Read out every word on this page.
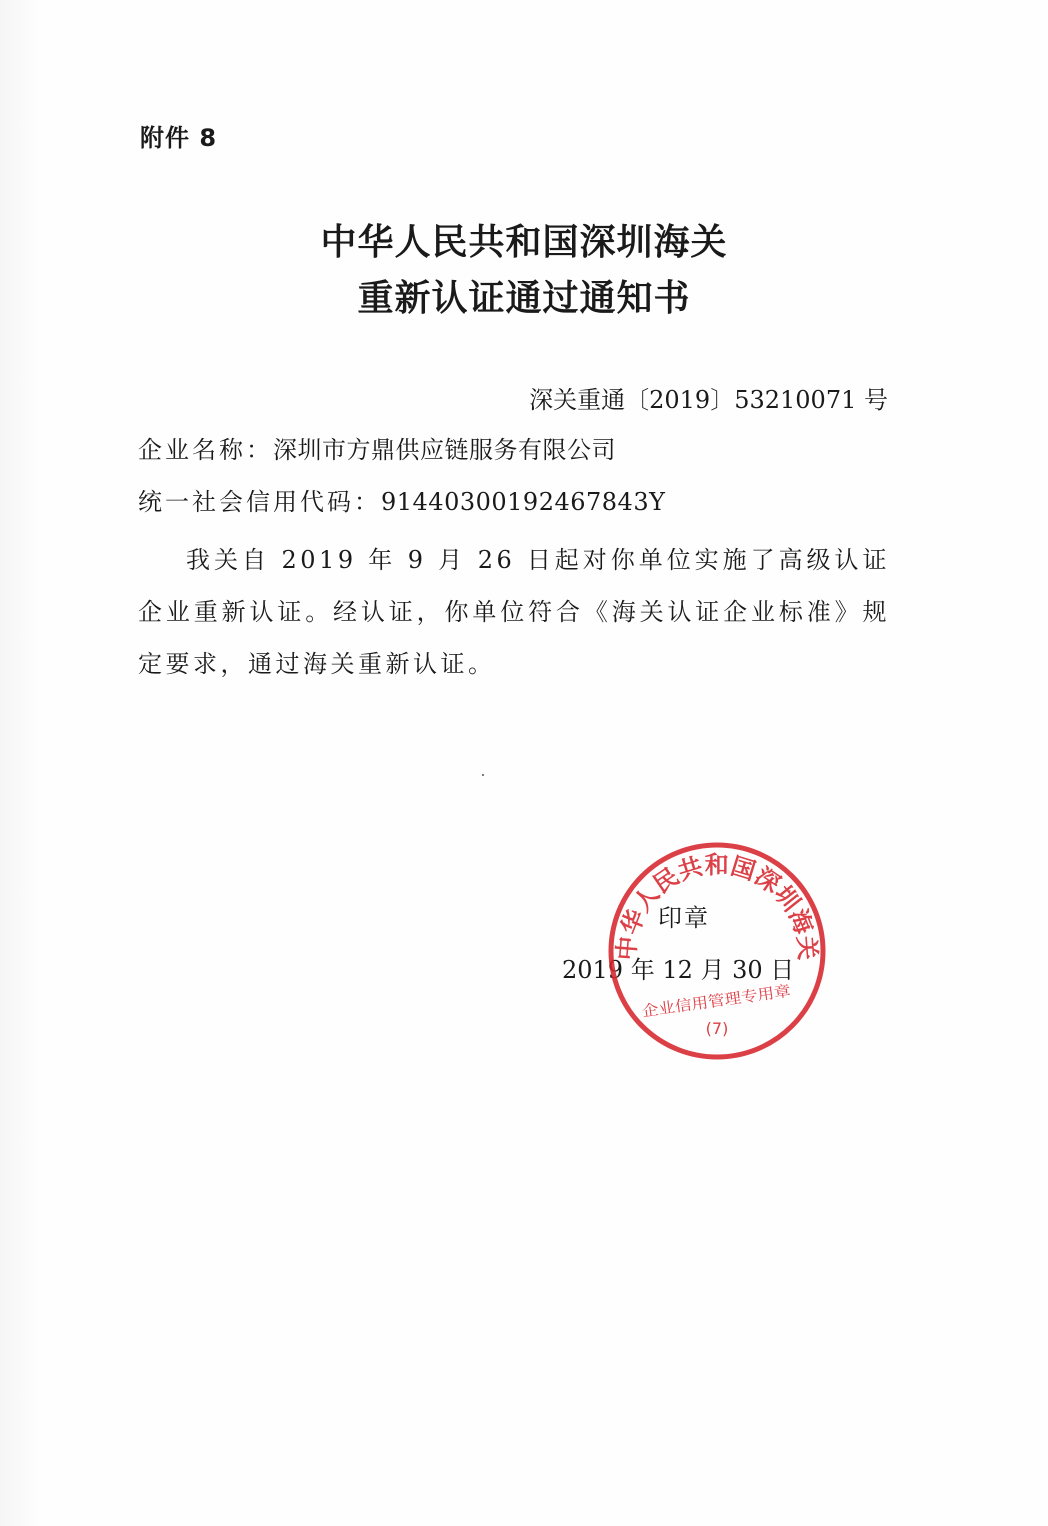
附件 8
中华人民共和国深圳海关
重新认证通过通知书
深关重通〔2019〕53210071 号
企业名称：深圳市方鼎供应链服务有限公司
统一社会信用代码：91440300192467843Y
我关自 2019 年 9 月 26 日起对你单位实施了高级认证企业重新认证。经认证，你单位符合《海关认证企业标准》规定要求，通过海关重新认证。
印章
2019 年 12 月 30 日
中华人民共和国深圳海关
企业信用管理专用章
(7)
